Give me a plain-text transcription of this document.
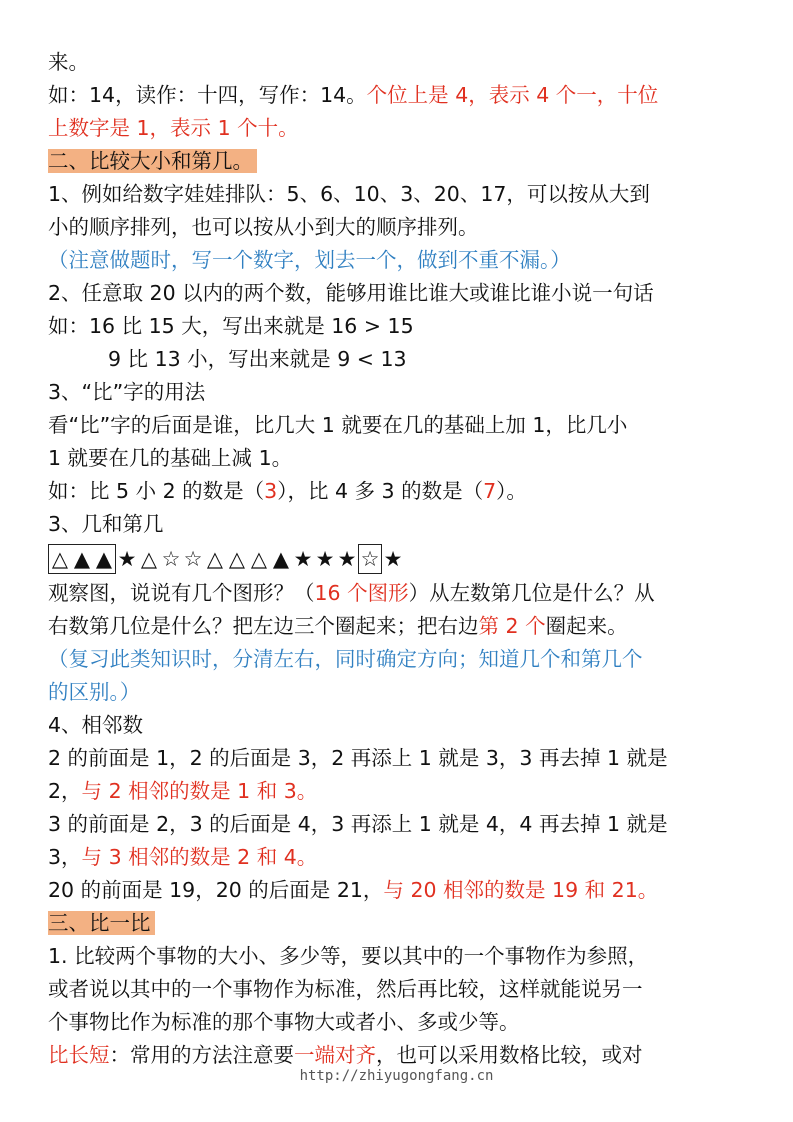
来。
如：14，读作：十四，写作：14。个位上是 4，表示 4 个一，十位
上数字是 1，表示 1 个十。
二、比较大小和第几。
1、例如给数字娃娃排队：5、6、10、3、20、17，可以按从大到
小的顺序排列，也可以按从小到大的顺序排列。
（注意做题时，写一个数字，划去一个，做到不重不漏。）
2、任意取 20 以内的两个数，能够用谁比谁大或谁比谁小说一句话
如：16 比 15 大，写出来就是 16 > 15
9 比 13 小，写出来就是 9 < 13
3、“比”字的用法
看“比”字的后面是谁，比几大 1 就要在几的基础上加 1，比几小
1 就要在几的基础上减 1。
如：比 5 小 2 的数是（3），比 4 多 3 的数是（7）。
3、几和第几
△ ▲ ▲ ★ △ ☆ ☆ △ △ △ ▲ ★ ★ ★ ☆ ★
观察图，说说有几个图形？（16 个图形）从左数第几位是什么？从
右数第几位是什么？把左边三个圈起来；把右边第 2 个圈起来。
（复习此类知识时，分清左右，同时确定方向；知道几个和第几个
的区别。）
4、相邻数
2 的前面是 1，2 的后面是 3，2 再添上 1 就是 3，3 再去掉 1 就是
2，与 2 相邻的数是 1 和 3。
3 的前面是 2，3 的后面是 4，3 再添上 1 就是 4，4 再去掉 1 就是
3，与 3 相邻的数是 2 和 4。
20 的前面是 19，20 的后面是 21，与 20 相邻的数是 19 和 21。
三、比一比
1. 比较两个事物的大小、多少等，要以其中的一个事物作为参照，
或者说以其中的一个事物作为标准，然后再比较，这样就能说另一
个事物比作为标准的那个事物大或者小、多或少等。
比长短：常用的方法注意要一端对齐，也可以采用数格比较，或对
http://zhiyugongfang.cn
